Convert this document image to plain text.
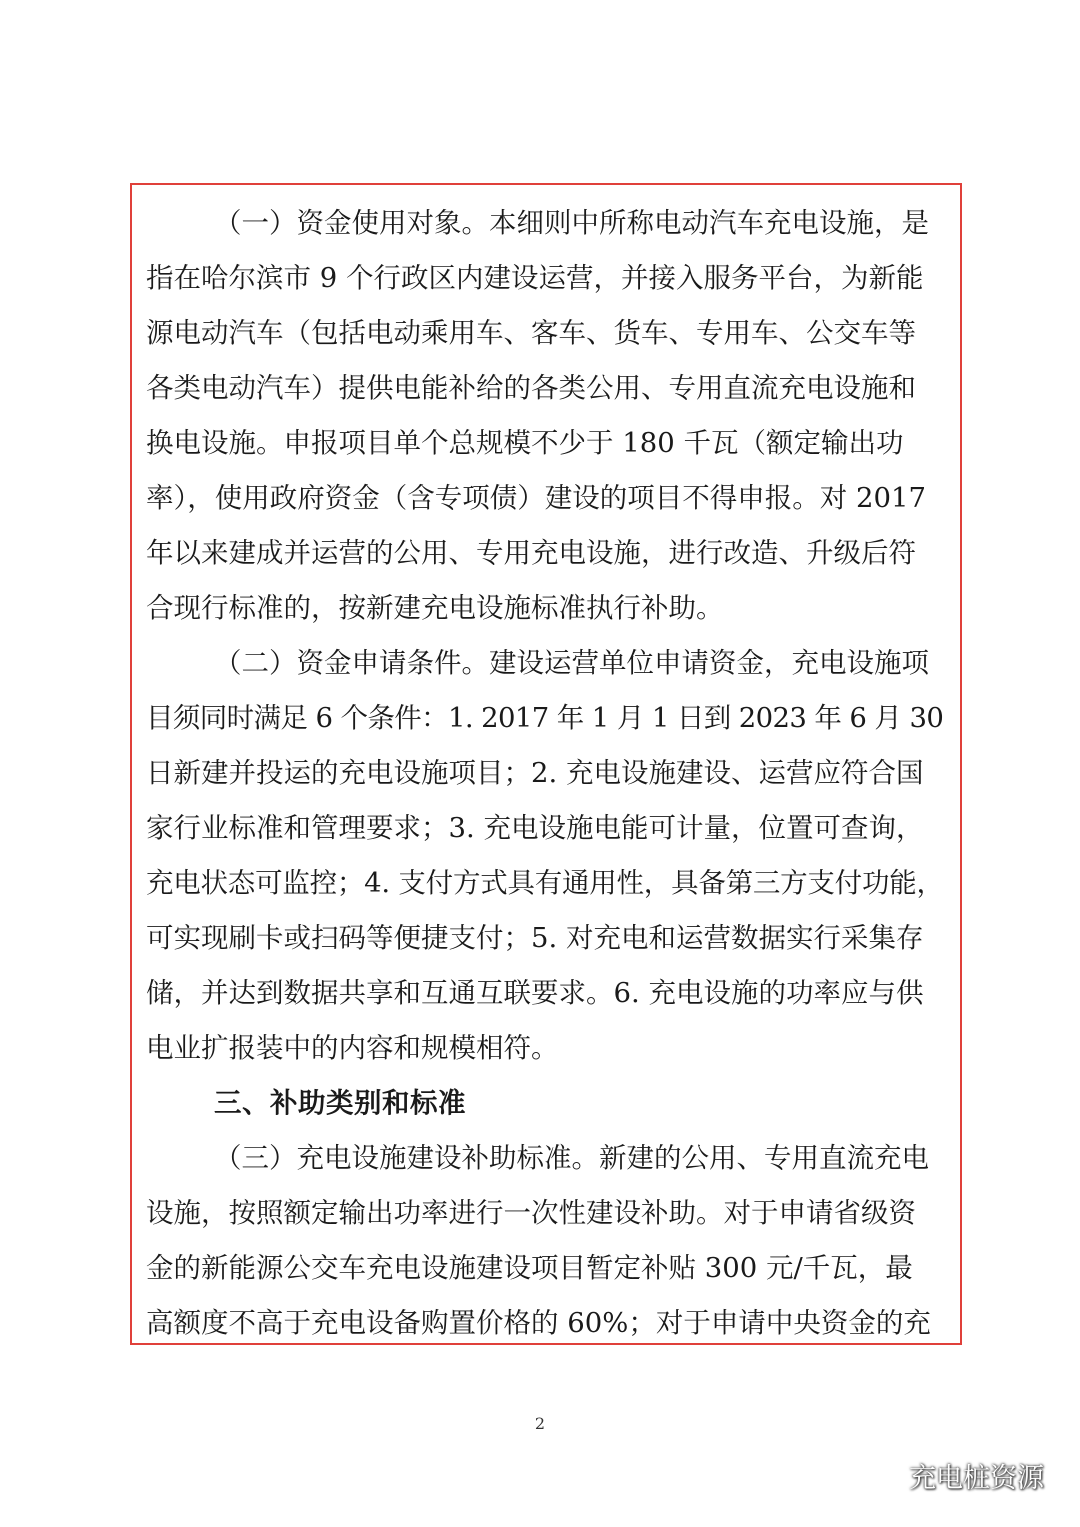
（一）资金使用对象。本细则中所称电动汽车充电设施，是
指在哈尔滨市 9 个行政区内建设运营，并接入服务平台，为新能
源电动汽车（包括电动乘用车、客车、货车、专用车、公交车等
各类电动汽车）提供电能补给的各类公用、专用直流充电设施和
换电设施。申报项目单个总规模不少于 180 千瓦（额定输出功
率），使用政府资金（含专项债）建设的项目不得申报。对 2017
年以来建成并运营的公用、专用充电设施，进行改造、升级后符
合现行标准的，按新建充电设施标准执行补助。
（二）资金申请条件。建设运营单位申请资金，充电设施项
目须同时满足 6 个条件：1. 2017 年 1 月 1 日到 2023 年 6 月 30
日新建并投运的充电设施项目；2. 充电设施建设、运营应符合国
家行业标准和管理要求；3. 充电设施电能可计量，位置可查询，
充电状态可监控；4. 支付方式具有通用性，具备第三方支付功能，
可实现刷卡或扫码等便捷支付；5. 对充电和运营数据实行采集存
储，并达到数据共享和互通互联要求。6. 充电设施的功率应与供
电业扩报装中的内容和规模相符。
三、补助类别和标准
（三）充电设施建设补助标准。新建的公用、专用直流充电
设施，按照额定输出功率进行一次性建设补助。对于申请省级资
金的新能源公交车充电设施建设项目暂定补贴 300 元/千瓦，最
高额度不高于充电设备购置价格的 60%；对于申请中央资金的充
2
充电桩资源
